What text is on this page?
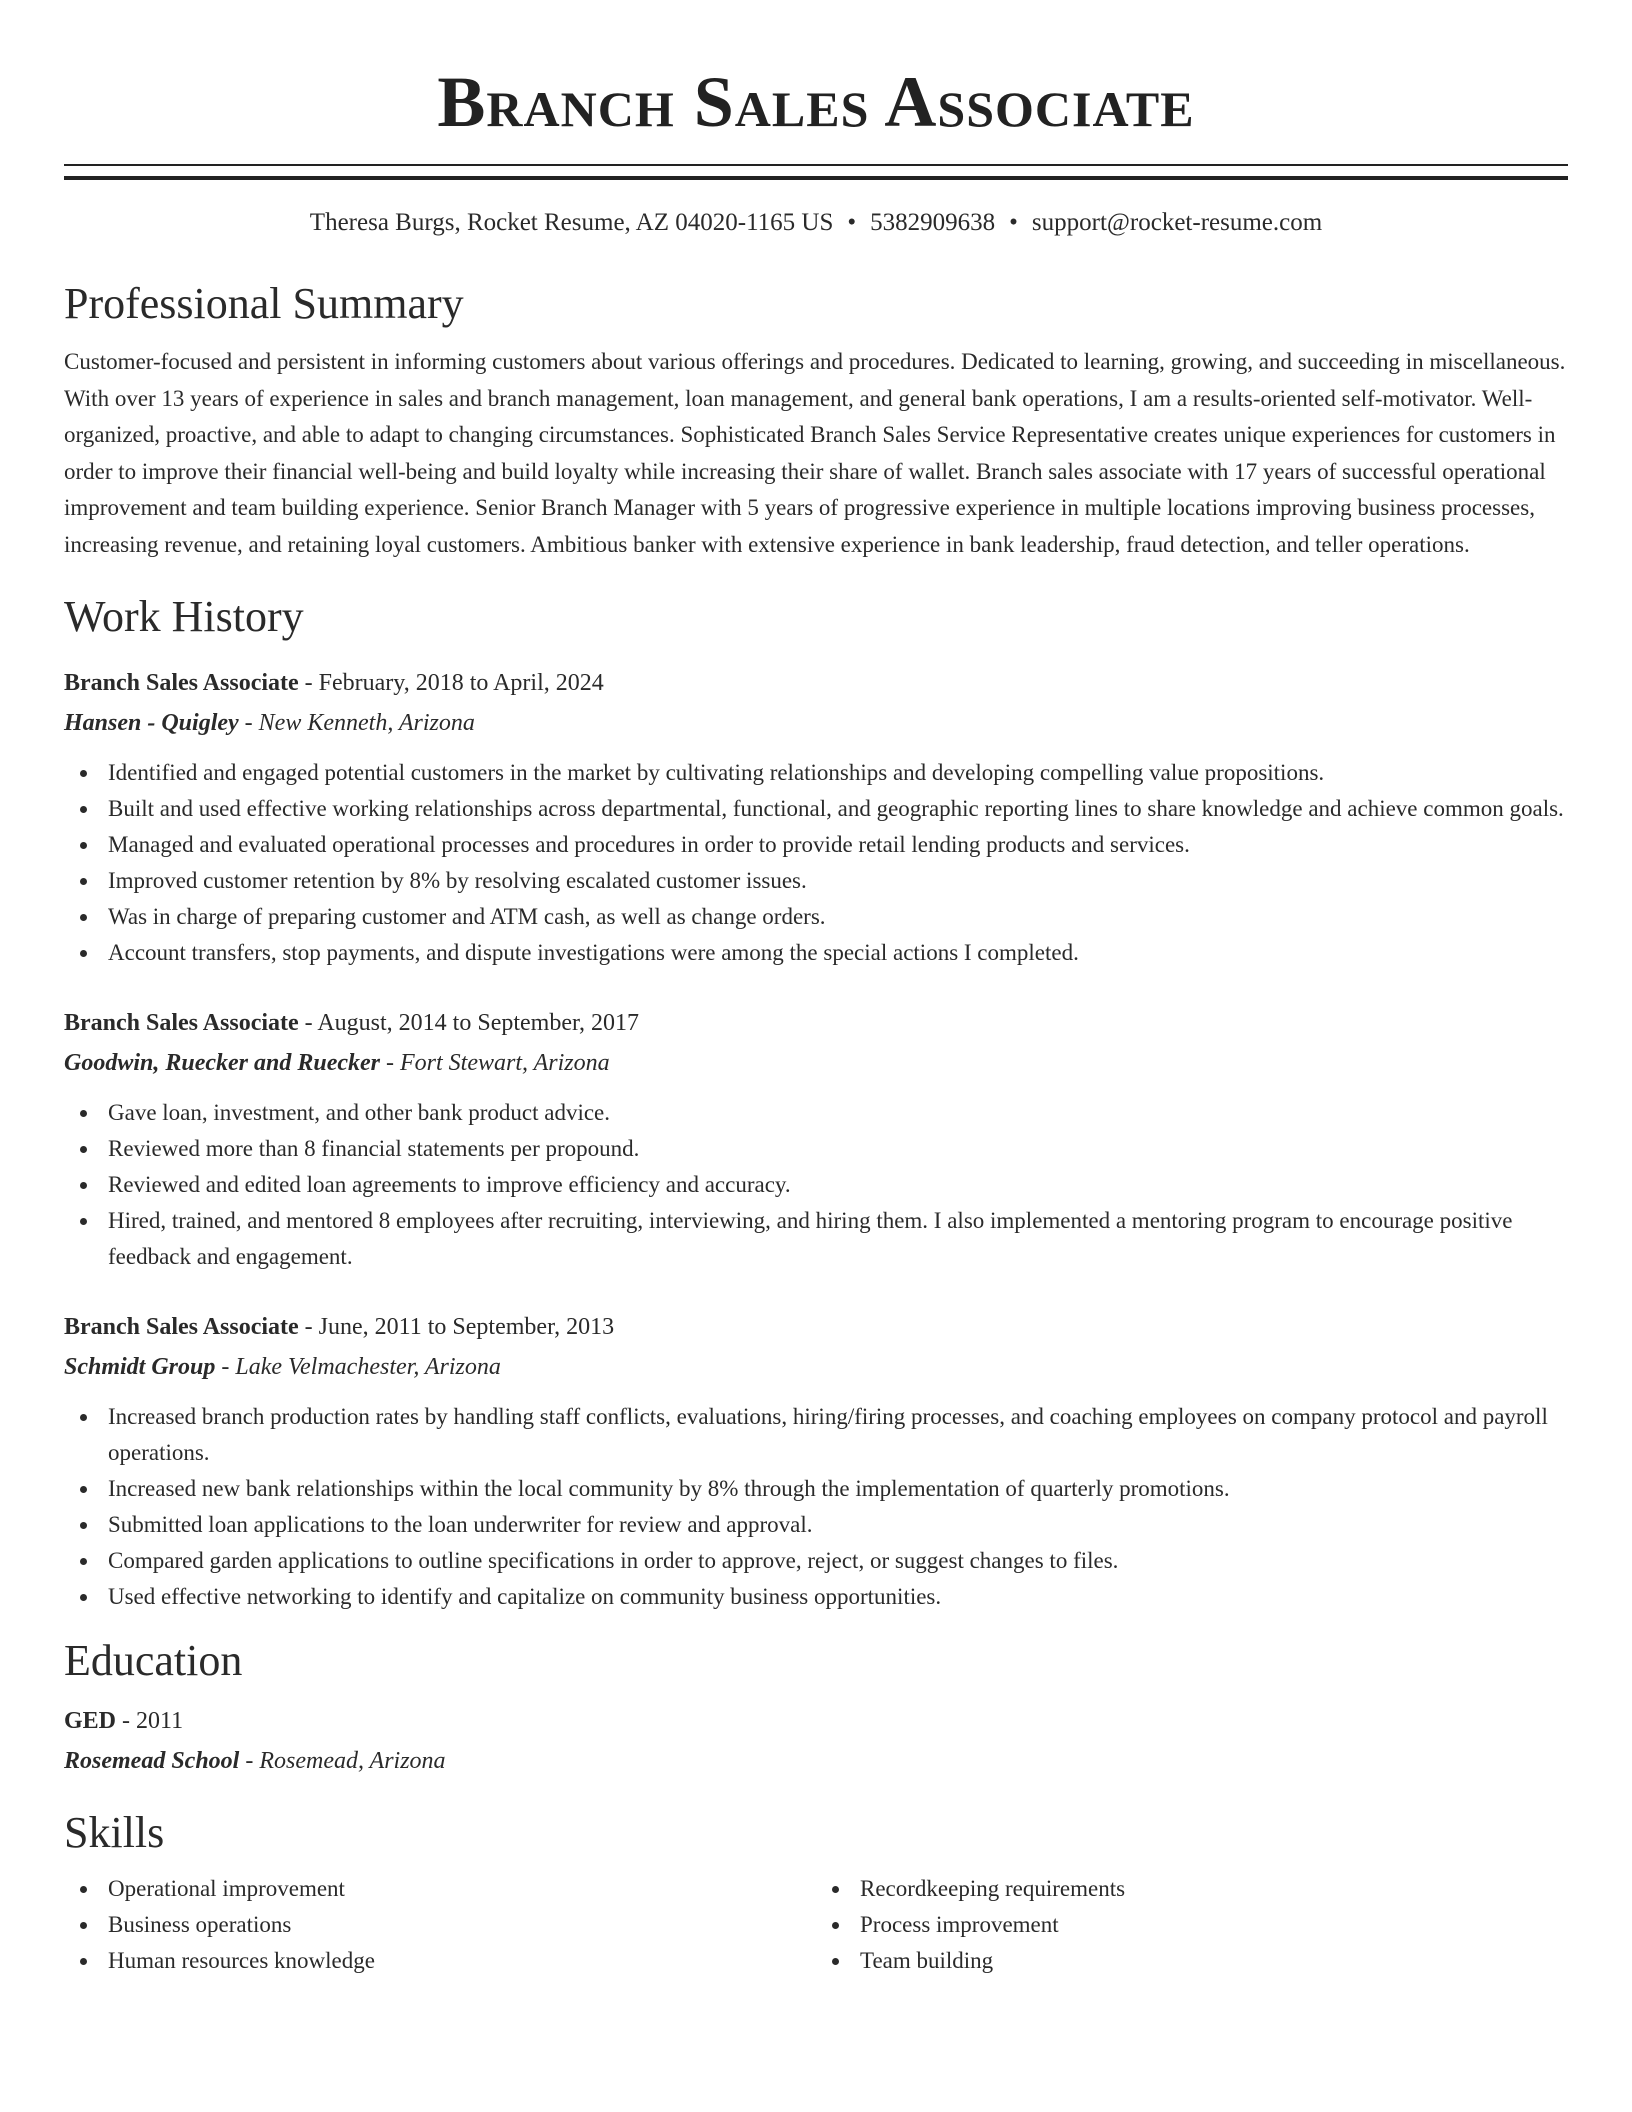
Branch Sales Associate
Theresa Burgs, Rocket Resume, AZ 04020-1165 US • 5382909638 • support@rocket-resume.com
Professional Summary
Customer-focused and persistent in informing customers about various offerings and procedures. Dedicated to learning, growing, and succeeding in miscellaneous. With over 13 years of experience in sales and branch management, loan management, and general bank operations, I am a results-oriented self-motivator. Well-organized, proactive, and able to adapt to changing circumstances. Sophisticated Branch Sales Service Representative creates unique experiences for customers in order to improve their financial well-being and build loyalty while increasing their share of wallet. Branch sales associate with 17 years of successful operational improvement and team building experience. Senior Branch Manager with 5 years of progressive experience in multiple locations improving business processes, increasing revenue, and retaining loyal customers. Ambitious banker with extensive experience in bank leadership, fraud detection, and teller operations.
Work History
Branch Sales Associate - February, 2018 to April, 2024
Hansen - Quigley - New Kenneth, Arizona
Identified and engaged potential customers in the market by cultivating relationships and developing compelling value propositions.
Built and used effective working relationships across departmental, functional, and geographic reporting lines to share knowledge and achieve common goals.
Managed and evaluated operational processes and procedures in order to provide retail lending products and services.
Improved customer retention by 8% by resolving escalated customer issues.
Was in charge of preparing customer and ATM cash, as well as change orders.
Account transfers, stop payments, and dispute investigations were among the special actions I completed.
Branch Sales Associate - August, 2014 to September, 2017
Goodwin, Ruecker and Ruecker - Fort Stewart, Arizona
Gave loan, investment, and other bank product advice.
Reviewed more than 8 financial statements per propound.
Reviewed and edited loan agreements to improve efficiency and accuracy.
Hired, trained, and mentored 8 employees after recruiting, interviewing, and hiring them. I also implemented a mentoring program to encourage positive feedback and engagement.
Branch Sales Associate - June, 2011 to September, 2013
Schmidt Group - Lake Velmachester, Arizona
Increased branch production rates by handling staff conflicts, evaluations, hiring/firing processes, and coaching employees on company protocol and payroll operations.
Increased new bank relationships within the local community by 8% through the implementation of quarterly promotions.
Submitted loan applications to the loan underwriter for review and approval.
Compared garden applications to outline specifications in order to approve, reject, or suggest changes to files.
Used effective networking to identify and capitalize on community business opportunities.
Education
GED - 2011
Rosemead School - Rosemead, Arizona
Skills
Operational improvement
Business operations
Human resources knowledge
Recordkeeping requirements
Process improvement
Team building
